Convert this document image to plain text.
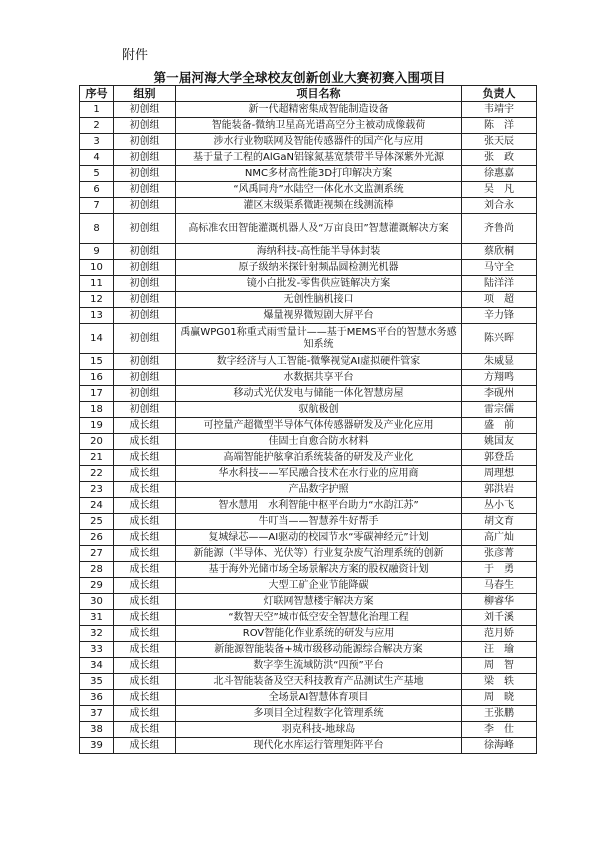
附件
第一届河海大学全球校友创新创业大赛初赛入围项目
序号	组别	项目名称	负责人
1	初创组	新一代超精密集成智能制造设备	韦靖宇
2	初创组	智能装备-微纳卫星高光谱高空分主被动成像载荷	陈　洋
3	初创组	涉水行业物联网及智能传感器件的国产化与应用	张天辰
4	初创组	基于量子工程的AlGaN铝镓氮基宽禁带半导体深紫外光源	张　政
5	初创组	NMC多材高性能3D打印解决方案	徐惠嘉
6	初创组	“风禹同舟”水陆空一体化水文监测系统	吴　凡
7	初创组	灌区末级渠系微距视频在线测流棒	刘合永
8	初创组	高标准农田智能灌溉机器人及“万亩良田”智慧灌溉解决方案	齐鲁尚
9	初创组	海纳科技-高性能半导体封装	蔡欣桐
10	初创组	原子级纳米探针射频晶圆检测光机器	马守全
11	初创组	镜小白批发-零售供应链解决方案	陆洋洋
12	初创组	无创性脑机接口	项　超
13	初创组	爆量视界微短剧大屏平台	辛力锋
14	初创组	禹赢WPG01称重式雨雪量计——基于MEMS平台的智慧水务感知系统	陈兴晖
15	初创组	数字经济与人工智能-微擎视觉AI虚拟硬件管家	朱威显
16	初创组	水数据共享平台	方翔鸣
17	初创组	移动式光伏发电与储能一体化智慧房屋	李砚州
18	初创组	驭航极创	雷宗儒
19	成长组	可控量产超微型半导体气体传感器研发及产业化应用	盛　前
20	成长组	佳固士自愈合防水材料	姚国友
21	成长组	高端智能护舷拿泊系统装备的研发及产业化	郭登岳
22	成长组	华水科技——军民融合技术在水行业的应用商	周理想
23	成长组	产品数字护照	郭洪岩
24	成长组	智水慧用　水利智能中枢平台助力“水韵江苏”	丛小飞
25	成长组	牛叮当——智慧养牛好帮手	胡文育
26	成长组	复城绿芯——AI驱动的校园节水“零碳神经元”计划	高广灿
27	成长组	新能源（半导体、光伏等）行业复杂废气治理系统的创新	张彦菁
28	成长组	基于海外光储市场全场景解决方案的股权融资计划	于　勇
29	成长组	大型工矿企业节能降碳	马春生
30	成长组	灯联网智慧楼宇解决方案	柳睿华
31	成长组	“数智天空”城市低空安全智慧化治理工程	刘千溪
32	成长组	ROV智能化作业系统的研发与应用	范月娇
33	成长组	新能源智能装备+城市级移动能源综合解决方案	汪　瑜
34	成长组	数字孪生流域防洪“四预”平台	周　智
35	成长组	北斗智能装备及空天科技教育产品测试生产基地	梁　轶
36	成长组	全场景AI智慧体育项目	周　晓
37	成长组	多项目全过程数字化管理系统	王张鹏
38	成长组	羽克科技-地球岛	李　仕
39	成长组	现代化水库运行管理矩阵平台	徐海峰
